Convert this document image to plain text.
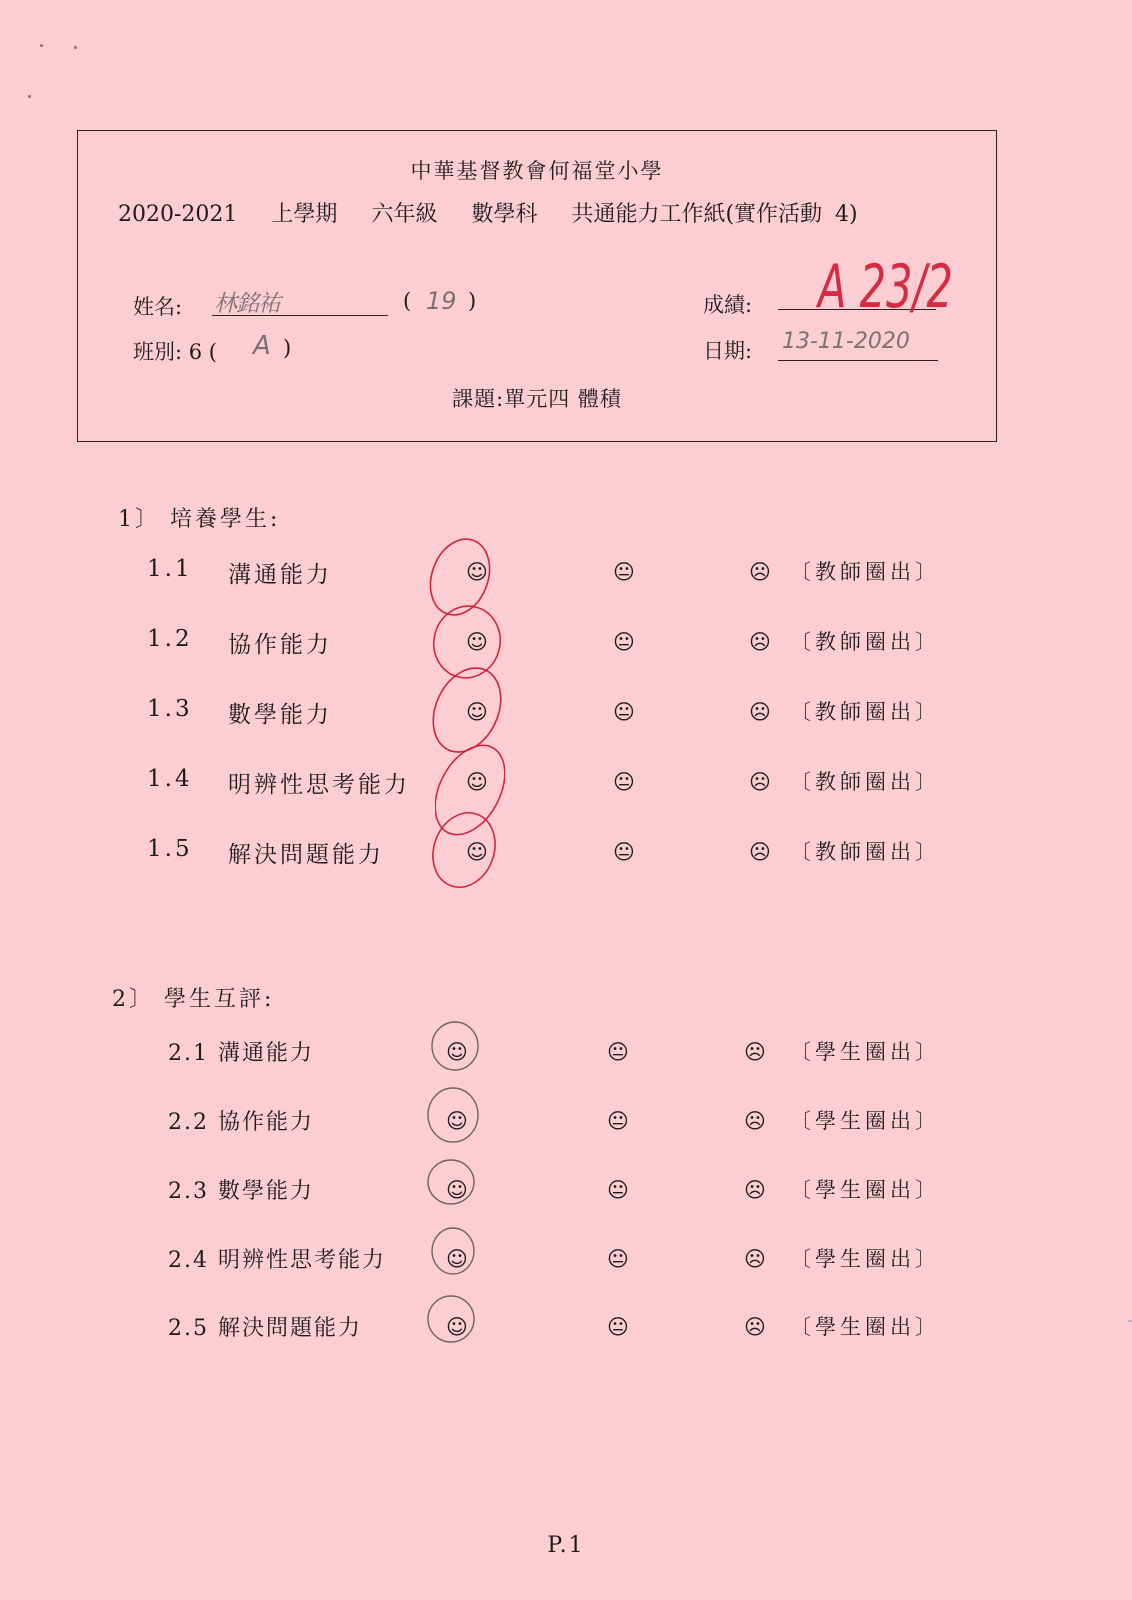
中華基督教會何福堂小學
2020-2021 上學期 六年級 數學科 共通能力工作紙(實作活動 4)
姓名: 林銘祐	( 19 )	成績: A 23/2
班別: 6 ( A )	日期: 13-11-2020
課題:單元四 體積
1〕 培養學生:
1.1 溝通能力	☺	😐	☹ 〔教師圈出〕
1.2 協作能力	☺	😐	☹ 〔教師圈出〕
1.3 數學能力	☺	😐	☹ 〔教師圈出〕
1.4 明辨性思考能力	☺	😐	☹ 〔教師圈出〕
1.5 解決問題能力	☺	😐	☹ 〔教師圈出〕
2〕 學生互評:
2.1 溝通能力	☺	😐	☹	〔學生圈出〕
2.2 協作能力	☺	😐	☹	〔學生圈出〕
2.3 數學能力	☺	😐	☹	〔學生圈出〕
2.4 明辨性思考能力	☺	😐	☹	〔學生圈出〕
2.5 解決問題能力	☺	😐	☹	〔學生圈出〕
P.1
